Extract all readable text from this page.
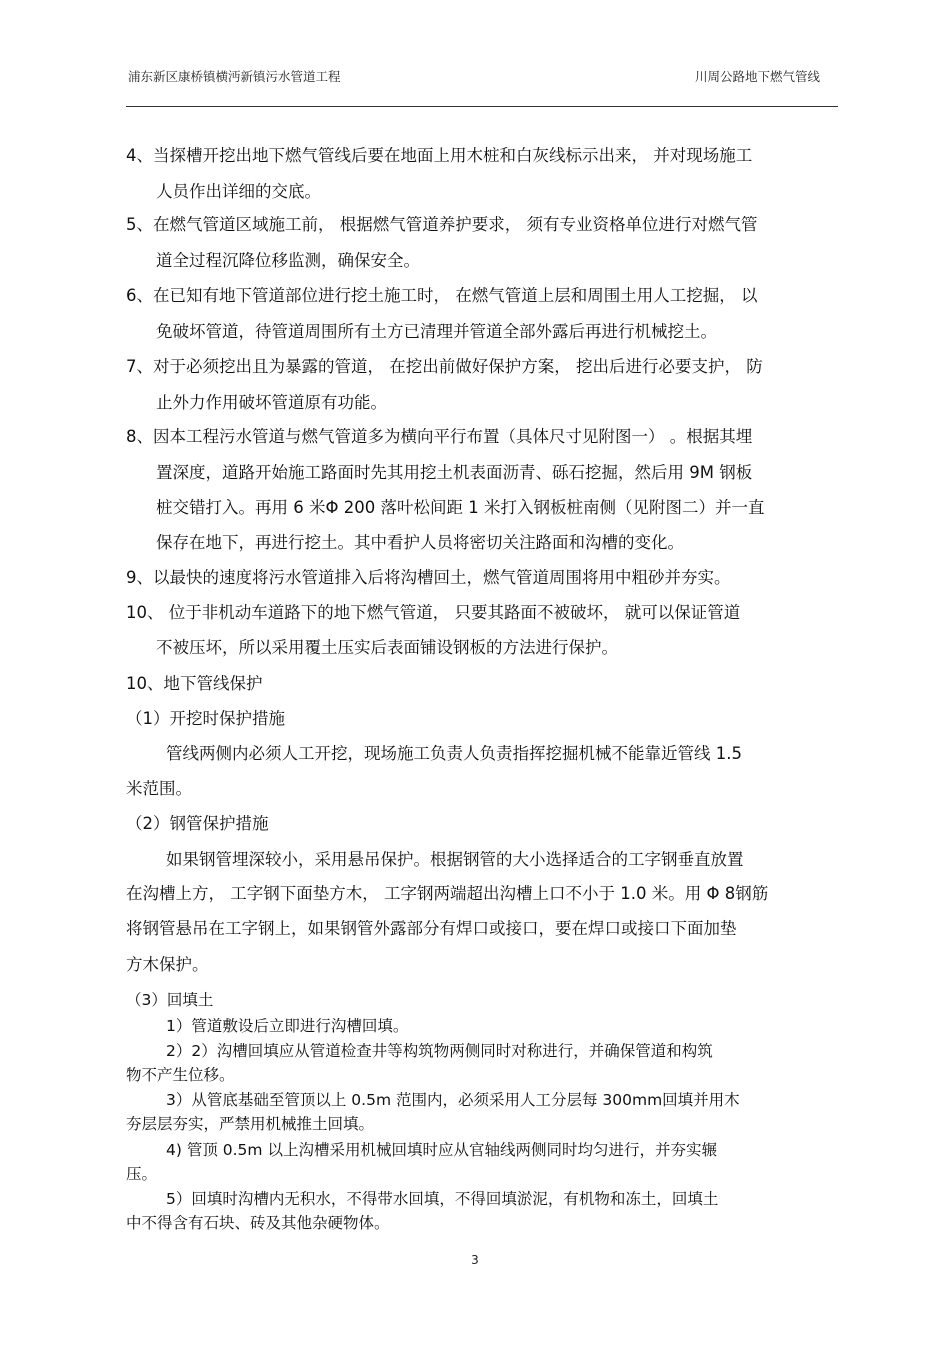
浦东新区康桥镇横沔新镇污水管道工程	川周公路地下燃气管线
4、当探槽开挖出地下燃气管线后要在地面上用木桩和白灰线标示出来， 并对现场施工
人员作出详细的交底。
5、在燃气管道区域施工前， 根据燃气管道养护要求， 须有专业资格单位进行对燃气管
道全过程沉降位移监测，确保安全。
6、在已知有地下管道部位进行挖土施工时， 在燃气管道上层和周围土用人工挖掘， 以
免破坏管道，待管道周围所有土方已清理并管道全部外露后再进行机械挖土。
7、对于必须挖出且为暴露的管道， 在挖出前做好保护方案， 挖出后进行必要支护， 防
止外力作用破坏管道原有功能。
8、因本工程污水管道与燃气管道多为横向平行布置（具体尺寸见附图一） 。根据其埋
置深度，道路开始施工路面时先其用挖土机表面沥青、砾石挖掘，然后用 9M 钢板
桩交错打入。再用 6 米Φ 200 落叶松间距 1 米打入钢板桩南侧（见附图二）并一直
保存在地下，再进行挖土。其中看护人员将密切关注路面和沟槽的变化。
9、以最快的速度将污水管道排入后将沟槽回土，燃气管道周围将用中粗砂并夯实。
10、 位于非机动车道路下的地下燃气管道， 只要其路面不被破坏， 就可以保证管道
不被压坏，所以采用覆土压实后表面铺设钢板的方法进行保护。
10、地下管线保护
（1）开挖时保护措施
管线两侧内必须人工开挖，现场施工负责人负责指挥挖掘机械不能靠近管线 1.5
米范围。
（2）钢管保护措施
如果钢管埋深较小，采用悬吊保护。根据钢管的大小选择适合的工字钢垂直放置
在沟槽上方， 工字钢下面垫方木， 工字钢两端超出沟槽上口不小于 1.0 米。用 Φ 8钢筋
将钢管悬吊在工字钢上，如果钢管外露部分有焊口或接口，要在焊口或接口下面加垫
方木保护。
（3）回填土
1）管道敷设后立即进行沟槽回填。
2）2）沟槽回填应从管道检查井等构筑物两侧同时对称进行，并确保管道和构筑
物不产生位移。
3）从管底基础至管顶以上 0.5m 范围内，必须采用人工分层每 300mm回填并用木
夯层层夯实，严禁用机械推土回填。
4) 管顶 0.5m 以上沟槽采用机械回填时应从官轴线两侧同时均匀进行，并夯实辗
压。
5）回填时沟槽内无积水，不得带水回填，不得回填淤泥，有机物和冻土，回填土
中不得含有石块、砖及其他杂硬物体。
3
